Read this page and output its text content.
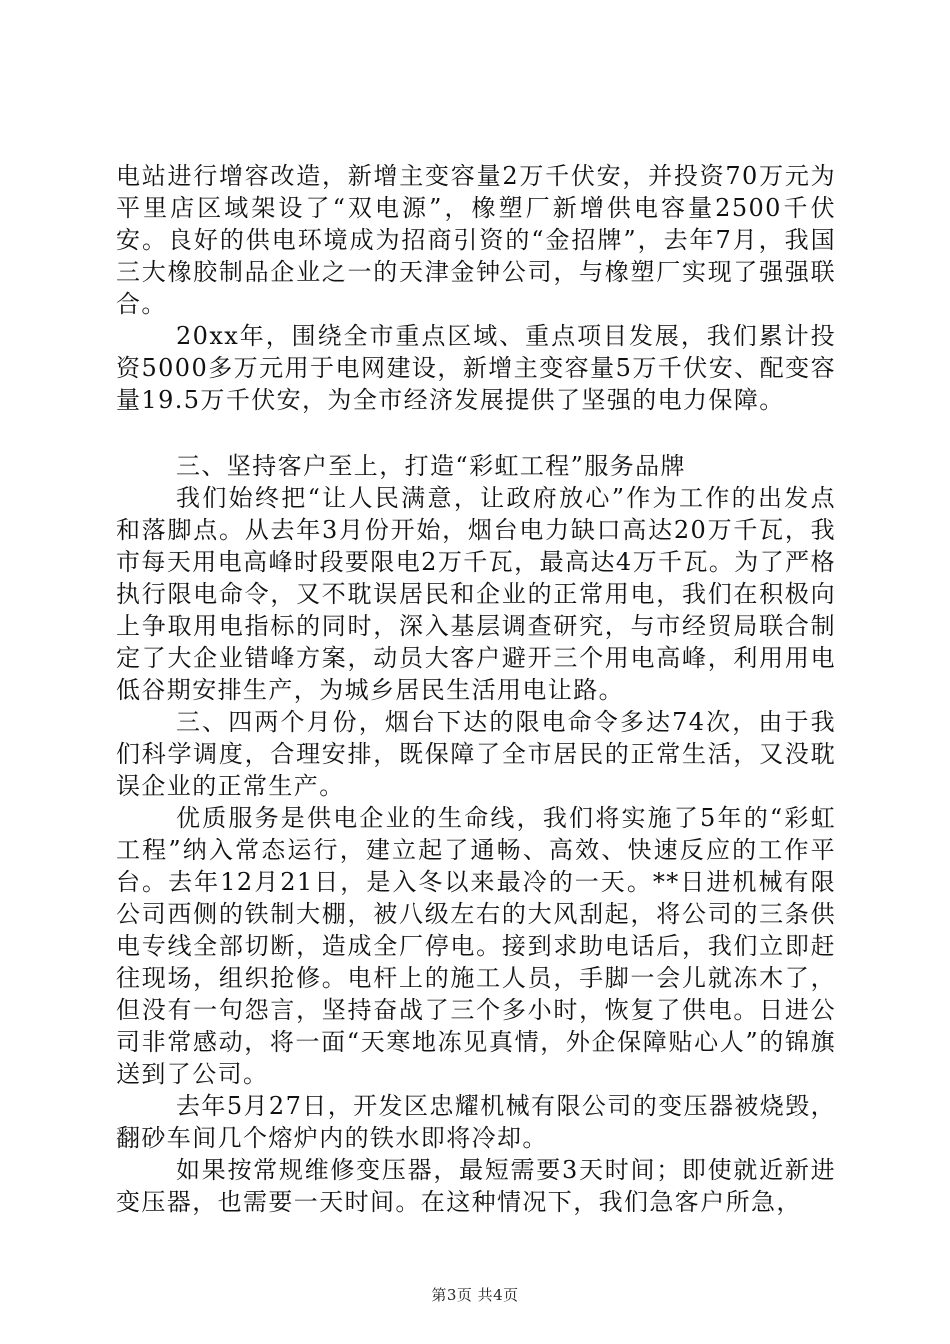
电站进行增容改造，新增主变容量2万千伏安，并投资70万元为平里店区域架设了“双电源”，橡塑厂新增供电容量2500千伏安。良好的供电环境成为招商引资的“金招牌”，去年7月，我国三大橡胶制品企业之一的天津金钟公司，与橡塑厂实现了强强联合。

20xx年，围绕全市重点区域、重点项目发展，我们累计投资5000多万元用于电网建设，新增主变容量5万千伏安、配变容量19.5万千伏安，为全市经济发展提供了坚强的电力保障。

三、坚持客户至上，打造“彩虹工程”服务品牌

我们始终把“让人民满意，让政府放心”作为工作的出发点和落脚点。从去年3月份开始，烟台电力缺口高达20万千瓦，我市每天用电高峰时段要限电2万千瓦，最高达4万千瓦。为了严格执行限电命令，又不耽误居民和企业的正常用电，我们在积极向上争取用电指标的同时，深入基层调查研究，与市经贸局联合制定了大企业错峰方案，动员大客户避开三个用电高峰，利用用电低谷期安排生产，为城乡居民生活用电让路。

三、四两个月份，烟台下达的限电命令多达74次，由于我们科学调度，合理安排，既保障了全市居民的正常生活，又没耽误企业的正常生产。

优质服务是供电企业的生命线，我们将实施了5年的“彩虹工程”纳入常态运行，建立起了通畅、高效、快速反应的工作平台。去年12月21日，是入冬以来最冷的一天。**日进机械有限公司西侧的铁制大棚，被八级左右的大风刮起，将公司的三条供电专线全部切断，造成全厂停电。接到求助电话后，我们立即赶往现场，组织抢修。电杆上的施工人员，手脚一会儿就冻木了，但没有一句怨言，坚持奋战了三个多小时，恢复了供电。日进公司非常感动，将一面“天寒地冻见真情，外企保障贴心人”的锦旗送到了公司。

去年5月27日，开发区忠耀机械有限公司的变压器被烧毁，翻砂车间几个熔炉内的铁水即将冷却。

如果按常规维修变压器，最短需要3天时间；即使就近新进变压器，也需要一天时间。在这种情况下，我们急客户所急，

第3页 共4页
